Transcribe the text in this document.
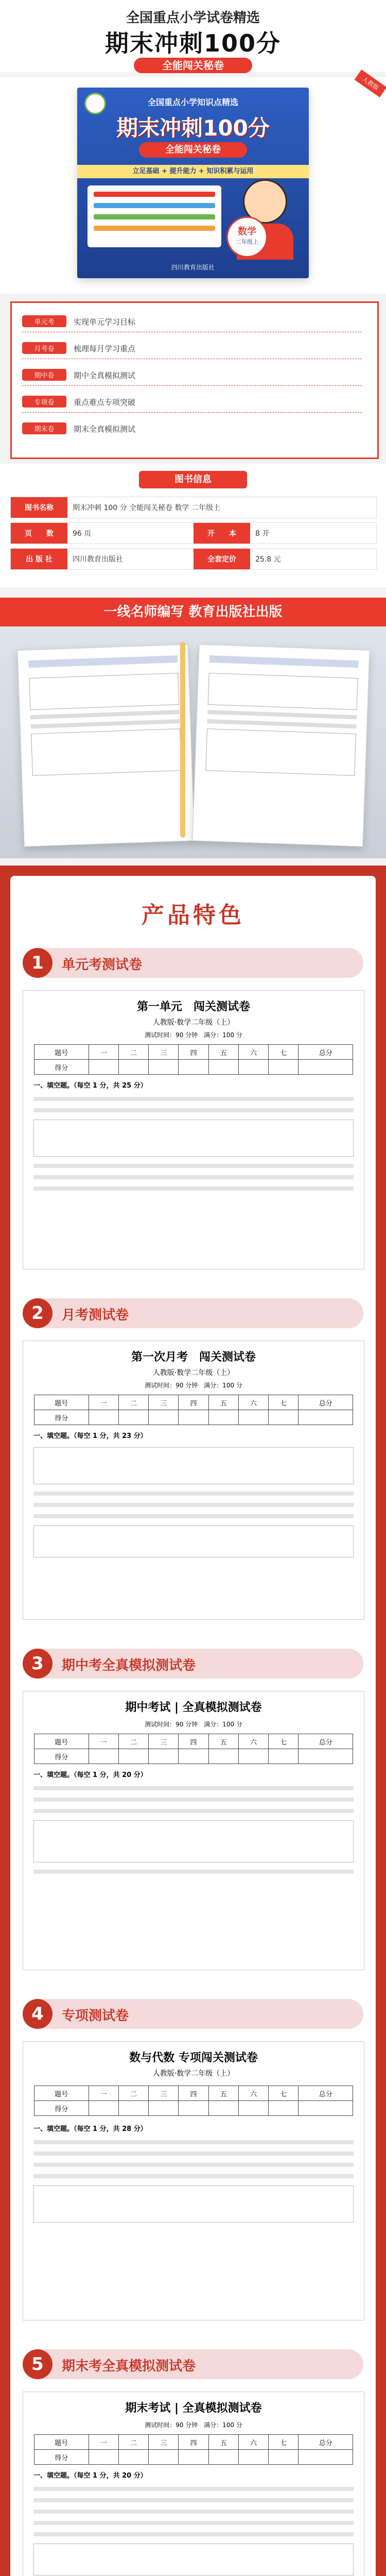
全国重点小学试卷精选
期末冲刺100分
全能闯关秘卷
全国重点小学知识点精选
期末冲刺100分
全能闯关秘卷
立足基础 + 提升能力 + 知识积累与运用
数学
二年级上
四川教育出版社
人教版
单元考	实现单元学习目标
月考卷	梳理每月学习重点
期中卷	期中全真模拟测试
专项卷	重点难点专项突破
期末卷	期末全真模拟测试
图书信息
图书名称	期末冲刺 100 分 全能闯关秘卷 数学 二年级上
页　　数	96 页	开　　本	8 开
出 版 社	四川教育出版社	全套定价	25.8 元
一线名师编写 教育出版社出版
产品特色
1	单元考测试卷
第一单元　闯关测试卷
人教版·数学二年级（上）
测试时间：90 分钟　满分：100 分
题号	一	二	三	四	五	六	七	总分
得分								
一、填空题。（每空 1 分，共 25 分）
2	月考测试卷
第一次月考　闯关测试卷
人教版·数学二年级（上）
测试时间：90 分钟　满分：100 分
题号	一	二	三	四	五	六	七	总分
得分								
一、填空题。（每空 1 分，共 23 分）
3	期中考全真模拟测试卷
期中考试 | 全真模拟测试卷
测试时间：90 分钟　满分：100 分
题号	一	二	三	四	五	六	七	总分
得分								
一、填空题。（每空 1 分，共 20 分）
4	专项测试卷
数与代数 专项闯关测试卷
人教版·数学二年级（上）
题号	一	二	三	四	五	六	七	总分
得分								
一、填空题。（每空 1 分，共 28 分）
5	期末考全真模拟测试卷
期末考试 | 全真模拟测试卷
测试时间：90 分钟　满分：100 分
题号	一	二	三	四	五	六	七	总分
得分								
一、填空题。（每空 1 分，共 20 分）
